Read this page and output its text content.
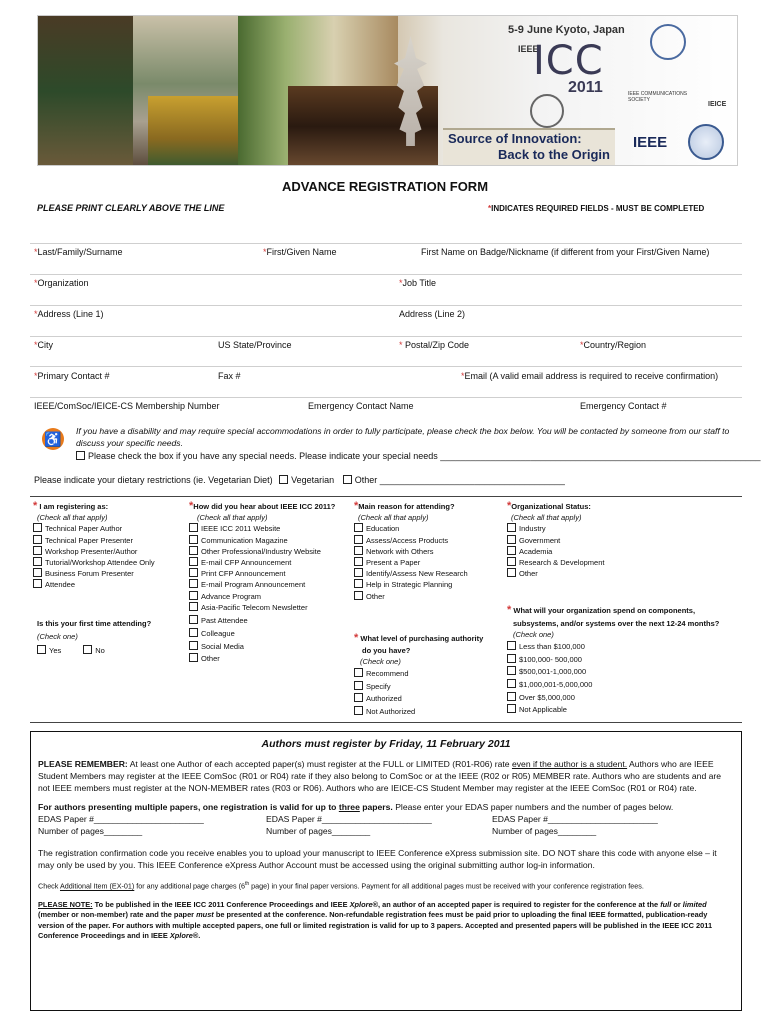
5-9 June Kyoto, Japan
IEEE
ICC
2011
Source of Innovation:
Back to the Origin
IEEE COMMUNICATIONS SOCIETY
IEICE
IEEE
ADVANCE REGISTRATION FORM
PLEASE PRINT CLEARLY ABOVE THE LINE	*INDICATES REQUIRED FIELDS - MUST BE COMPLETED
*Last/Family/Surname	*First/Given Name	First Name on Badge/Nickname (if different from your First/Given Name)
*Organization	*Job Title
*Address (Line 1)	Address (Line 2)
*City	US State/Province	* Postal/Zip Code	*Country/Region
*Primary Contact #	Fax #	*Email (A valid email address is required to receive confirmation)
IEEE/ComSoc/IEICE-CS Membership Number	Emergency Contact Name	Emergency Contact #
♿ If you have a disability and may require special accommodations in order to fully participate, please check the box below. You will be contacted by someone from our staff to discuss your specific needs.
Please check the box if you have any special needs. Please indicate your special needs ________________________________________________________________
Please indicate your dietary restrictions (ie. Vegetarian Diet) Vegetarian Other _____________________________________
* I am registering as:
(Check all that apply)
Technical Paper Author
Technical Paper Presenter
Workshop Presenter/Author
Tutorial/Workshop Attendee Only
Business Forum Presenter
Attendee
Is this your first time attending?
(Check one)
Yes	No
*How did you hear about IEEE ICC 2011?
(Check all that apply)
IEEE ICC 2011 Website
Communication Magazine
Other Professional/Industry Website
E-mail CFP Announcement
Print CFP Announcement
E-mail Program Announcement
Advance Program
Asia-Pacific Telecom Newsletter
Past Attendee
Colleague
Social Media
Other
*Main reason for attending?
(Check all that apply)
Education
Assess/Access Products
Network with Others
Present a Paper
Identify/Assess New Research
Help in Strategic Planning
Other
* What level of purchasing authority
do you have?
(Check one)
Recommend
Specify
Authorized
Not Authorized
*Organizational Status:
(Check all that apply)
Industry
Government
Academia
Research & Development
Other
* What will your organization spend on components,
subsystems, and/or systems over the next 12-24 months?
(Check one)
Less than $100,000
$100,000- 500,000
$500,001-1,000,000
$1,000,001-5,000,000
Over $5,000,000
Not Applicable
Authors must register by Friday, 11 February 2011

PLEASE REMEMBER: At least one Author of each accepted paper(s) must register at the FULL or LIMITED (R01-R06) rate even if the author is a student. Authors who are IEEE Student Members may register at the IEEE ComSoc (R01 or R04) rate if they also belong to ComSoc or at the IEEE (R02 or R05) MEMBER rate. Authors who are students and are not IEEE members must register at the NON-MEMBER rates (R03 or R06). Authors who are IEICE-CS Student Member may register at the IEEE ComSoc (R01 or R04) rate.

For authors presenting multiple papers, one registration is valid for up to three papers. Please enter your EDAS paper numbers and the number of pages below.

EDAS Paper #_______________________
Number of pages________
EDAS Paper #_______________________
Number of pages________
EDAS Paper #_______________________
Number of pages________

The registration confirmation code you receive enables you to upload your manuscript to IEEE Conference eXpress submission site. DO NOT share this code with anyone else – it may only be used by you. This IEEE Conference eXpress Author Account must be accessed using the original submitting author log-in information.

Check Additional Item (EX-01) for any additional page charges (6th page) in your final paper versions. Payment for all additional pages must be received with your conference registration fees.

PLEASE NOTE: To be published in the IEEE ICC 2011 Conference Proceedings and IEEE Xplore®, an author of an accepted paper is required to register for the conference at the full or limited (member or non-member) rate and the paper must be presented at the conference. Non-refundable registration fees must be paid prior to uploading the final IEEE formatted, publication-ready version of the paper. For authors with multiple accepted papers, one full or limited registration is valid for up to 3 papers. Accepted and presented papers will be published in the IEEE ICC 2011 Conference Proceedings and in IEEE Xplore®.
